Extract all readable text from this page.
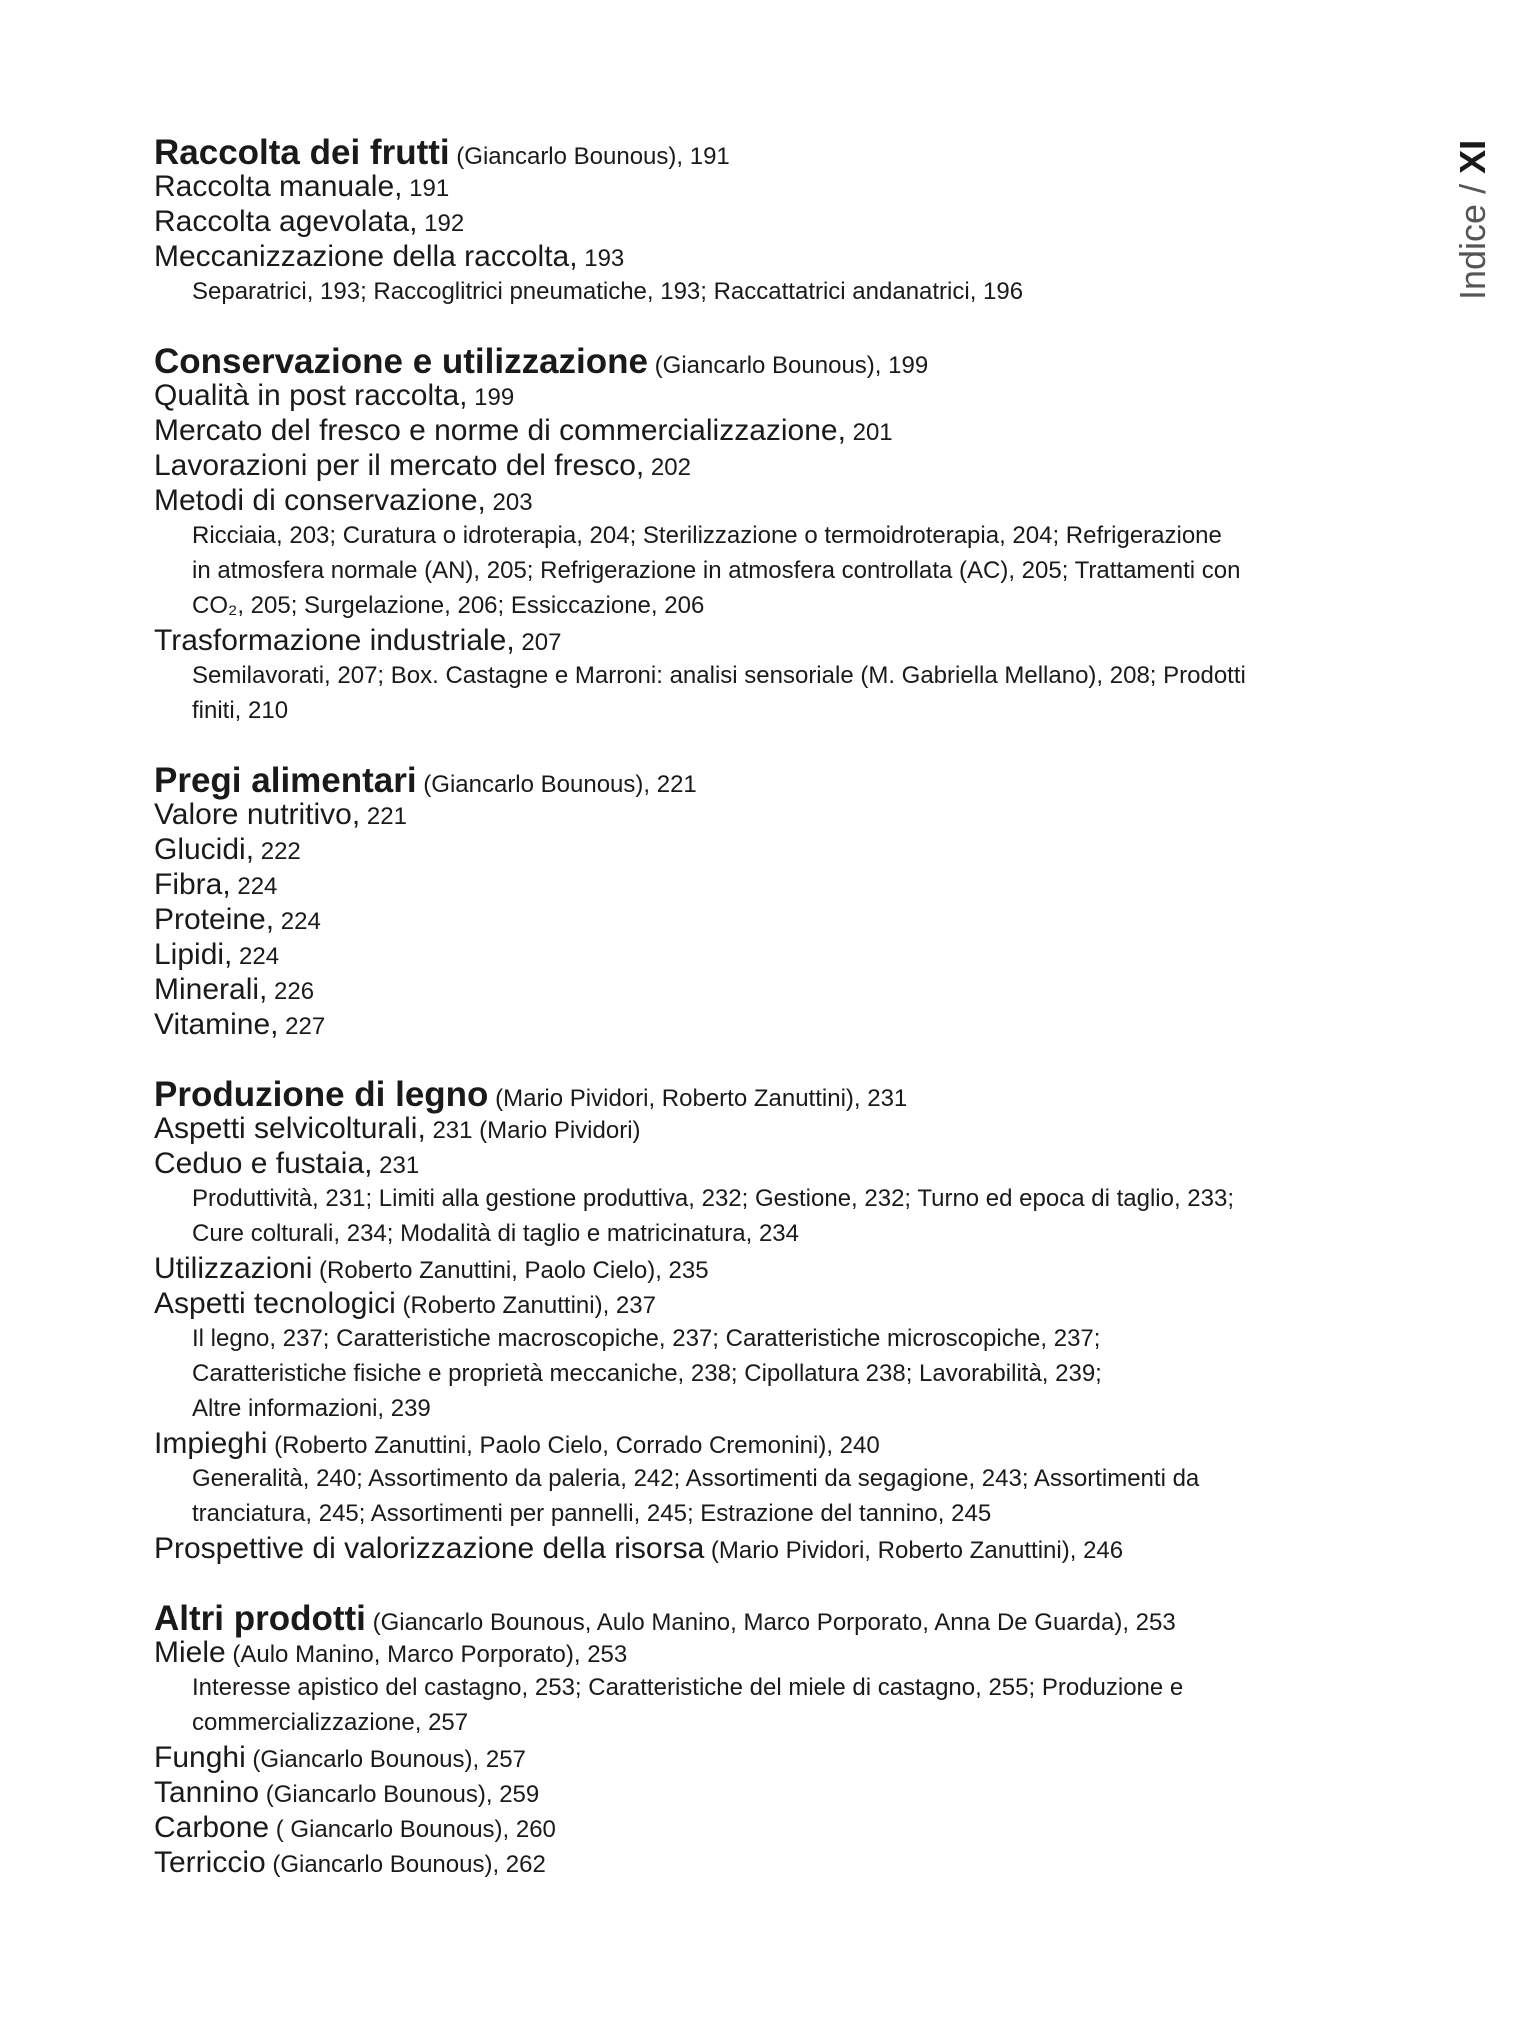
Raccolta dei frutti (Giancarlo Bounous), 191
Raccolta manuale, 191
Raccolta agevolata, 192
Meccanizzazione della raccolta, 193
Separatrici, 193; Raccoglitrici pneumatiche, 193; Raccattatrici andanatrici, 196
Conservazione e utilizzazione (Giancarlo Bounous), 199
Qualità in post raccolta, 199
Mercato del fresco e norme di commercializzazione, 201
Lavorazioni per il mercato del fresco, 202
Metodi di conservazione, 203
Ricciaia, 203; Curatura o idroterapia, 204; Sterilizzazione o termoidroterapia, 204; Refrigerazione
in atmosfera normale (AN), 205; Refrigerazione in atmosfera controllata (AC), 205; Trattamenti con
CO₂, 205; Surgelazione, 206; Essiccazione, 206
Trasformazione industriale, 207
Semilavorati, 207; Box. Castagne e Marroni: analisi sensoriale (M. Gabriella Mellano), 208; Prodotti
finiti, 210
Pregi alimentari (Giancarlo Bounous), 221
Valore nutritivo, 221
Glucidi, 222
Fibra, 224
Proteine, 224
Lipidi, 224
Minerali, 226
Vitamine, 227
Produzione di legno (Mario Pividori, Roberto Zanuttini), 231
Aspetti selvicolturali, 231 (Mario Pividori)
Ceduo e fustaia, 231
Produttività, 231; Limiti alla gestione produttiva, 232; Gestione, 232; Turno ed epoca di taglio, 233;
Cure colturali, 234; Modalità di taglio e matricinatura, 234
Utilizzazioni (Roberto Zanuttini, Paolo Cielo), 235
Aspetti tecnologici (Roberto Zanuttini), 237
Il legno, 237; Caratteristiche macroscopiche, 237; Caratteristiche microscopiche, 237;
Caratteristiche fisiche e proprietà meccaniche, 238; Cipollatura 238; Lavorabilità, 239;
Altre informazioni, 239
Impieghi (Roberto Zanuttini, Paolo Cielo, Corrado Cremonini), 240
Generalità, 240; Assortimento da paleria, 242; Assortimenti da segagione, 243; Assortimenti da
tranciatura, 245; Assortimenti per pannelli, 245; Estrazione del tannino, 245
Prospettive di valorizzazione della risorsa (Mario Pividori, Roberto Zanuttini), 246
Altri prodotti (Giancarlo Bounous, Aulo Manino, Marco Porporato, Anna De Guarda), 253
Miele (Aulo Manino, Marco Porporato), 253
Interesse apistico del castagno, 253; Caratteristiche del miele di castagno, 255; Produzione e
commercializzazione, 257
Funghi (Giancarlo Bounous), 257
Tannino (Giancarlo Bounous), 259
Carbone ( Giancarlo Bounous), 260
Terriccio (Giancarlo Bounous), 262
Indice / XI
